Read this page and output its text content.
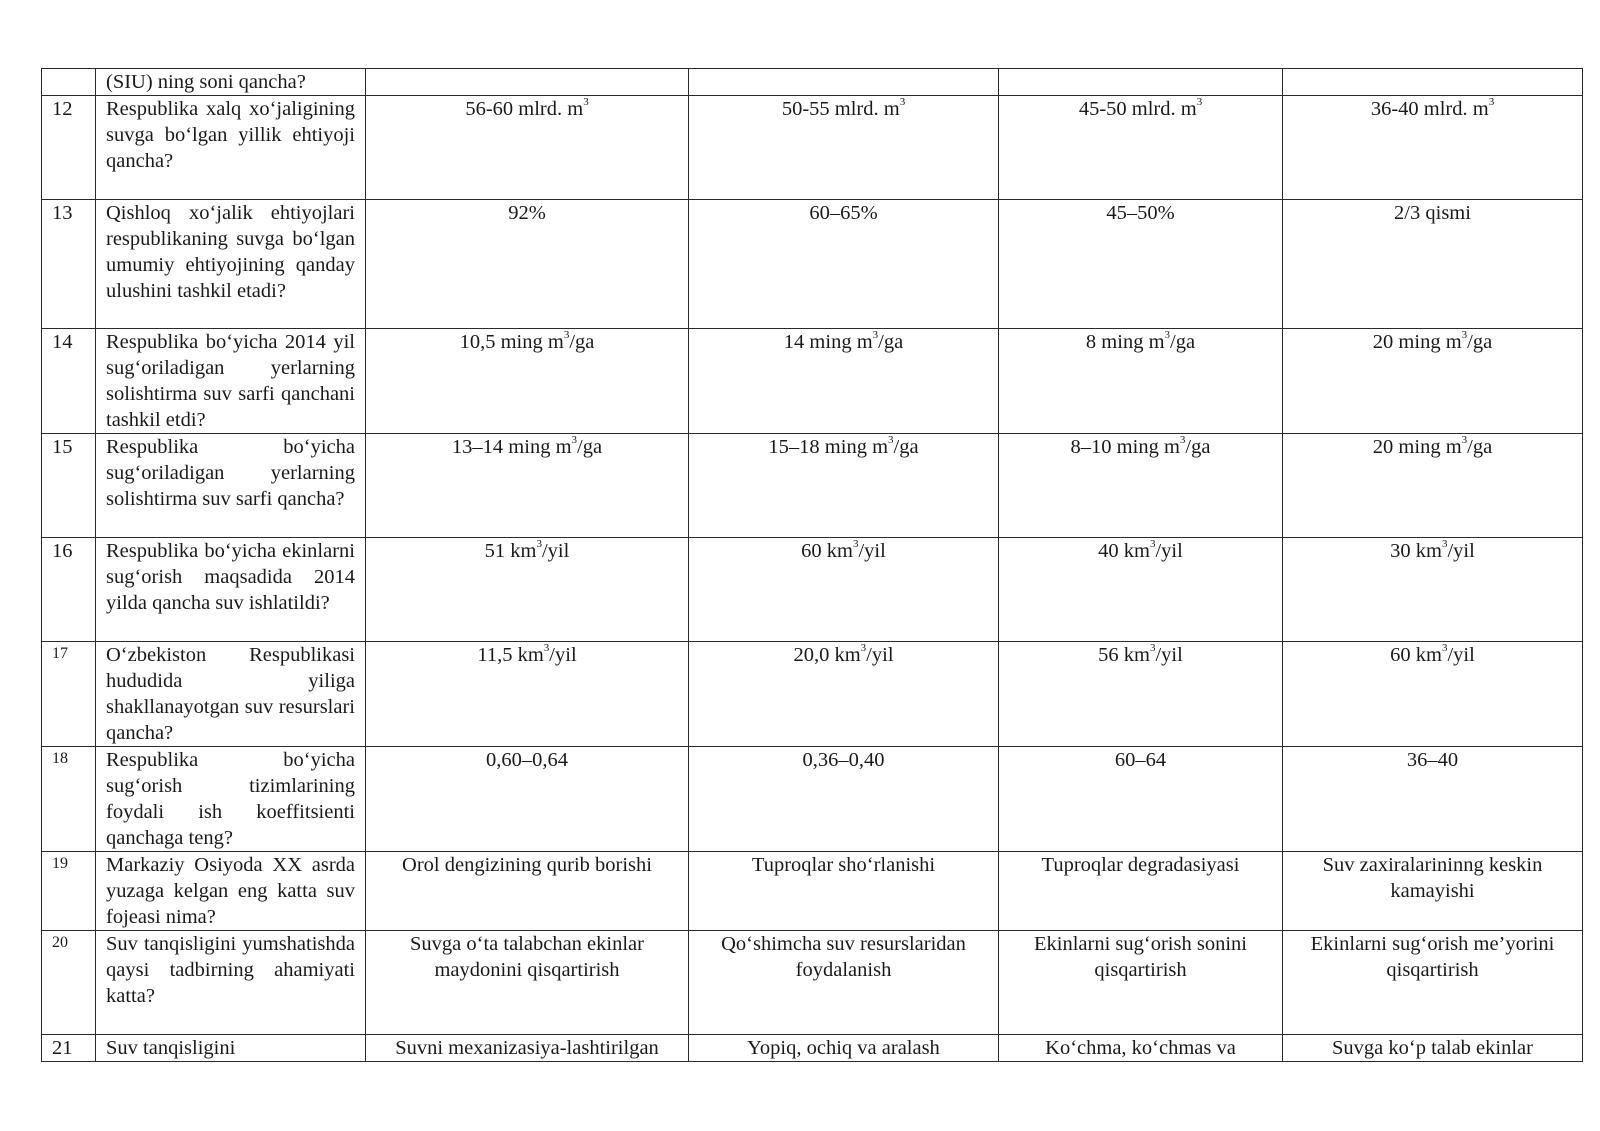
	(SIU) ning soni qancha?				
12	Respublika xalq xo‘jaligining suvga bo‘lgan yillik ehtiyoji qancha?	56-60 mlrd. $m^3$	50-55 mlrd. $m^3$	45-50 mlrd. $m^3$	36-40 mlrd. $m^3$
13	Qishloq xo‘jalik ehtiyojlari respublikaning suvga bo‘lgan umumiy ehtiyojining qanday ulushini tashkil etadi?	92%	60–65%	45–50%	2/3 qismi
14	Respublika bo‘yicha 2014 yil sug‘oriladigan yerlarning solishtirma suv sarfi qanchani tashkil etdi?	10,5 ming $m^3/ga$	14 ming $m^3/ga$	8 ming $m^3/ga$	20 ming $m^3/ga$
15	Respublika bo‘yicha sug‘oriladigan yerlarning solishtirma suv sarfi qancha?	13–14 ming $m^3/ga$	15–18 ming $m^3/ga$	8–10 ming $m^3/ga$	20 ming $m^3/ga$
16	Respublika bo‘yicha ekinlarni sug‘orish maqsadida 2014 yilda qancha suv ishlatildi?	51 $km^3$/yil	60 $km^3$/yil	40 $km^3$/yil	30 $km^3$/yil
17	O‘zbekiston Respublikasi hududida yiliga shakllanayotgan suv resurslari qancha?	11,5 $km^3$/yil	20,0 $km^3$/yil	56 $km^3$/yil	60 $km^3$/yil
18	Respublika bo‘yicha sug‘orish tizimlarining foydali ish koeffitsienti qanchaga teng?	0,60–0,64	0,36–0,40	60–64	36–40
19	Markaziy Osiyoda XX asrda yuzaga kelgan eng katta suv fojeasi nima?	Orol dengizining qurib borishi	Tuproqlar sho‘rlanishi	Tuproqlar degradasiyasi	Suv zaxiralarininng keskin kamayishi
20	Suv tanqisligini yumshatishda qaysi tadbirning ahamiyati katta?	Suvga o‘ta talabchan ekinlar maydonini qisqartirish	Qo‘shimcha suv resurslaridan foydalanish	Ekinlarni sug‘orish sonini qisqartirish	Ekinlarni sug‘orish me’yorini qisqartirish
21	Suv tanqisligini	Suvni mexanizasiya-lashtirilgan	Yopiq, ochiq va aralash	Ko‘chma, ko‘chmas va	Suvga ko‘p talab ekinlar
